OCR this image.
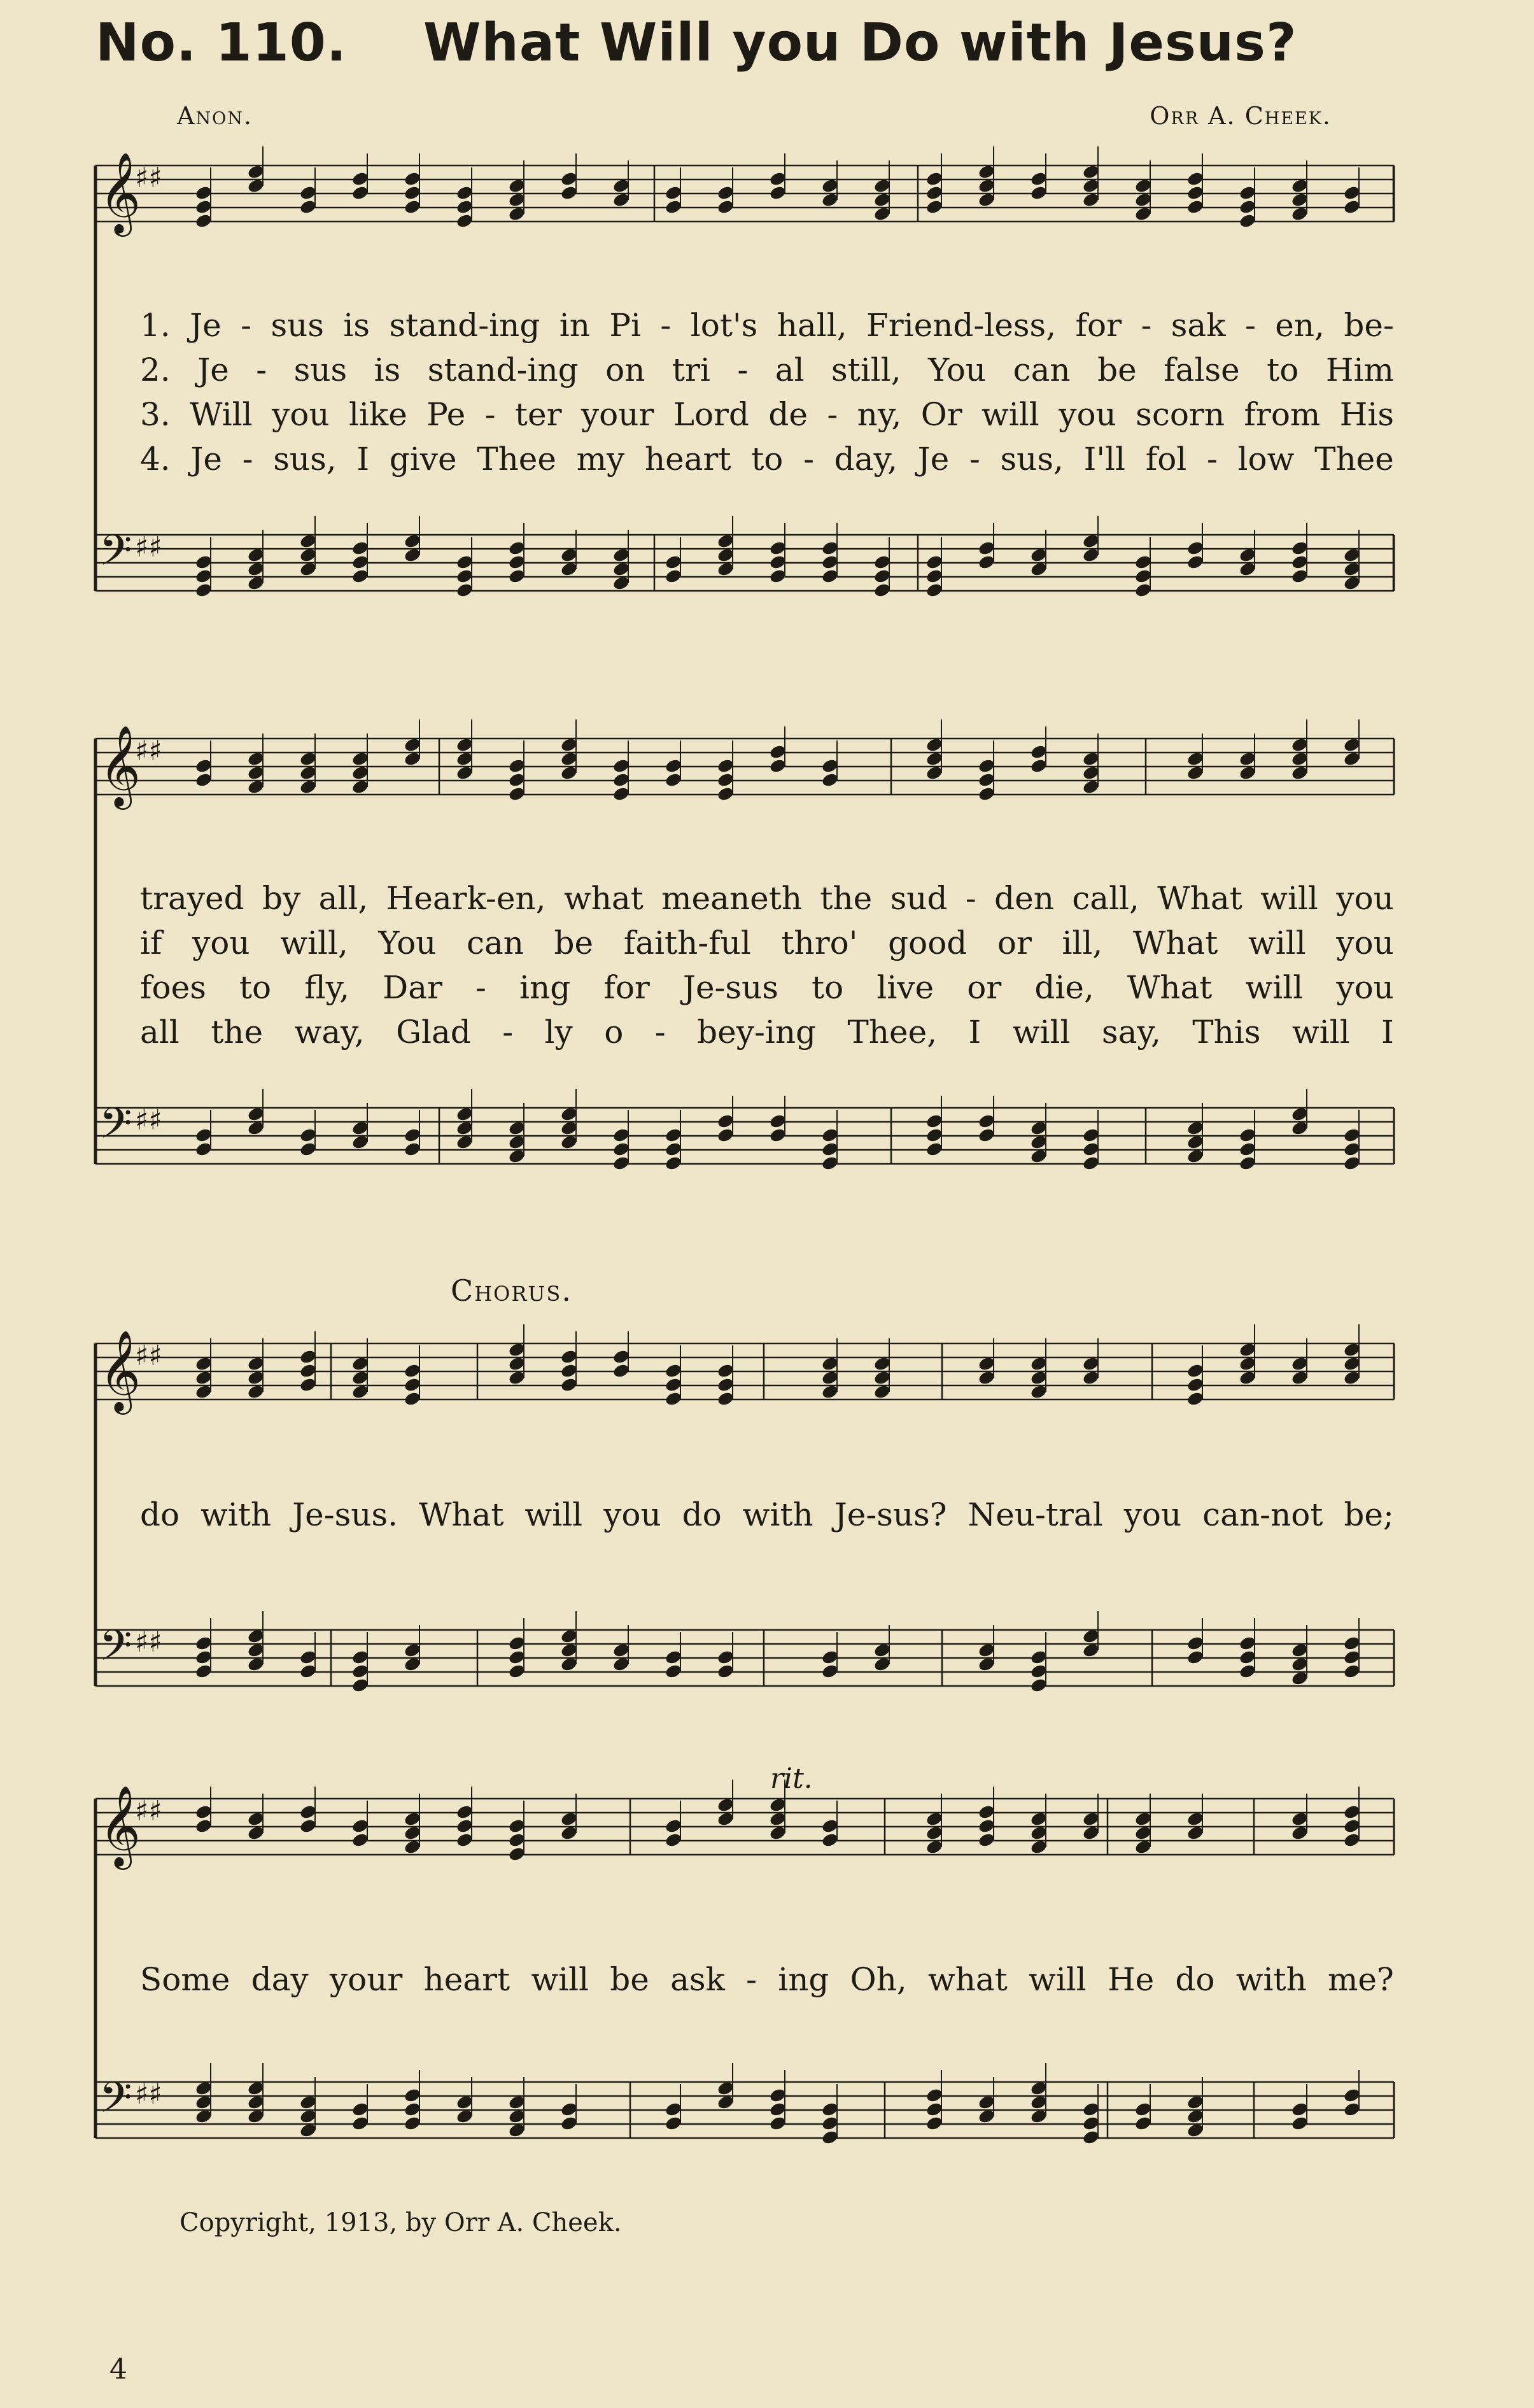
No. 110. What Will you Do with Jesus?
Anon.	Orr A. Cheek.
𝄞
♯♯
𝄢 ♯♯
1. Je - sus is stand-ing in Pi - lot's hall, Friend-less, for - sak - en, be-
2. Je - sus is stand-ing on tri - al still, You can be false to Him
3. Will you like Pe - ter your Lord de - ny, Or will you scorn from His
4. Je - sus, I give Thee my heart to - day, Je - sus, I'll fol - low Thee
𝄞
♯♯
𝄢 ♯♯
trayed by all, Heark-en, what meaneth the sud - den call, What will you
if you will, You can be faith-ful thro' good or ill, What will you
foes to fly, Dar - ing for Je-sus to live or die, What will you
all the way, Glad - ly o - bey-ing Thee, I will say, This will I
Chorus.
𝄞
♯♯
𝄢 ♯♯
do with Je-sus. What will you do with Je-sus? Neu-tral you can-not be;
𝄞
♯♯
𝄢 ♯♯
Some day your heart will be ask - ing Oh, what will He do with me?
rit.
Copyright, 1913, by Orr A. Cheek.
4
